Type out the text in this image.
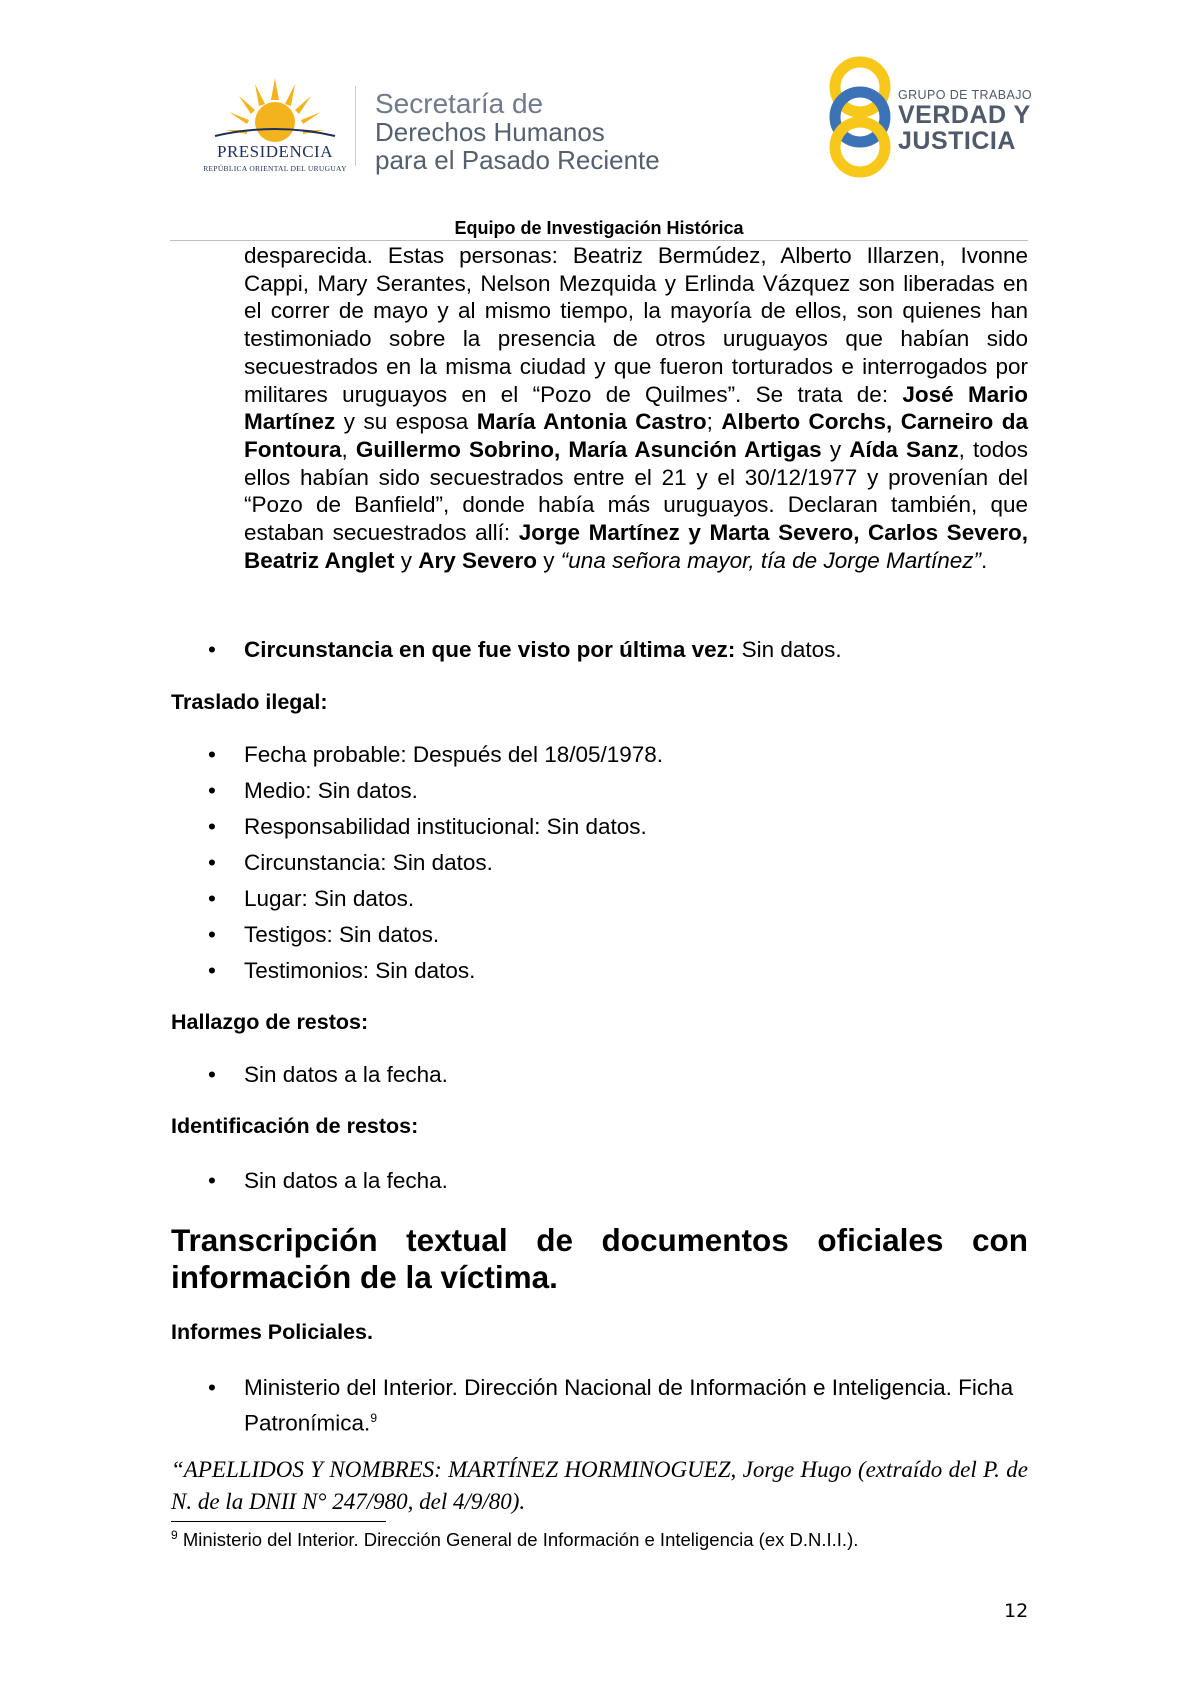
PRESIDENCIA
REPÚBLICA ORIENTAL DEL URUGUAY
Secretaría de
Derechos Humanos
para el Pasado Reciente
GRUPO DE TRABAJO
VERDAD Y
JUSTICIA
Equipo de Investigación Histórica

desparecida. Estas personas: Beatriz Bermúdez, Alberto Illarzen, Ivonne Cappi, Mary Serantes, Nelson Mezquida y Erlinda Vázquez son liberadas en el correr de mayo y al mismo tiempo, la mayoría de ellos, son quienes han testimoniado sobre la presencia de otros uruguayos que habían sido secuestrados en la misma ciudad y que fueron torturados e interrogados por militares uruguayos en el “Pozo de Quilmes”. Se trata de: José Mario Martínez y su esposa María Antonia Castro; Alberto Corchs, Carneiro da Fontoura, Guillermo Sobrino, María Asunción Artigas y Aída Sanz, todos ellos habían sido secuestrados entre el 21 y el 30/12/1977 y provenían del “Pozo de Banfield”, donde había más uruguayos. Declaran también, que estaban secuestrados allí: Jorge Martínez y Marta Severo, Carlos Severo, Beatriz Anglet y Ary Severo y “una señora mayor, tía de Jorge Martínez”.

• Circunstancia en que fue visto por última vez: Sin datos.
Traslado ilegal:
• Fecha probable: Después del 18/05/1978.
• Medio: Sin datos.
• Responsabilidad institucional: Sin datos.
• Circunstancia: Sin datos.
• Lugar: Sin datos.
• Testigos: Sin datos.
• Testimonios: Sin datos.
Hallazgo de restos:
• Sin datos a la fecha.
Identificación de restos:
• Sin datos a la fecha.
Transcripción textual de documentos oficiales con información de la víctima.
Informes Policiales.
• Ministerio del Interior. Dirección Nacional de Información e Inteligencia. Ficha Patronímica.$^9$
“APELLIDOS Y NOMBRES: MARTÍNEZ HORMINOGUEZ, Jorge Hugo (extraído del P. de N. de la DNII N° 247/980, del 4/9/80).
$^9$ Ministerio del Interior. Dirección General de Información e Inteligencia (ex D.N.I.I.).
12
